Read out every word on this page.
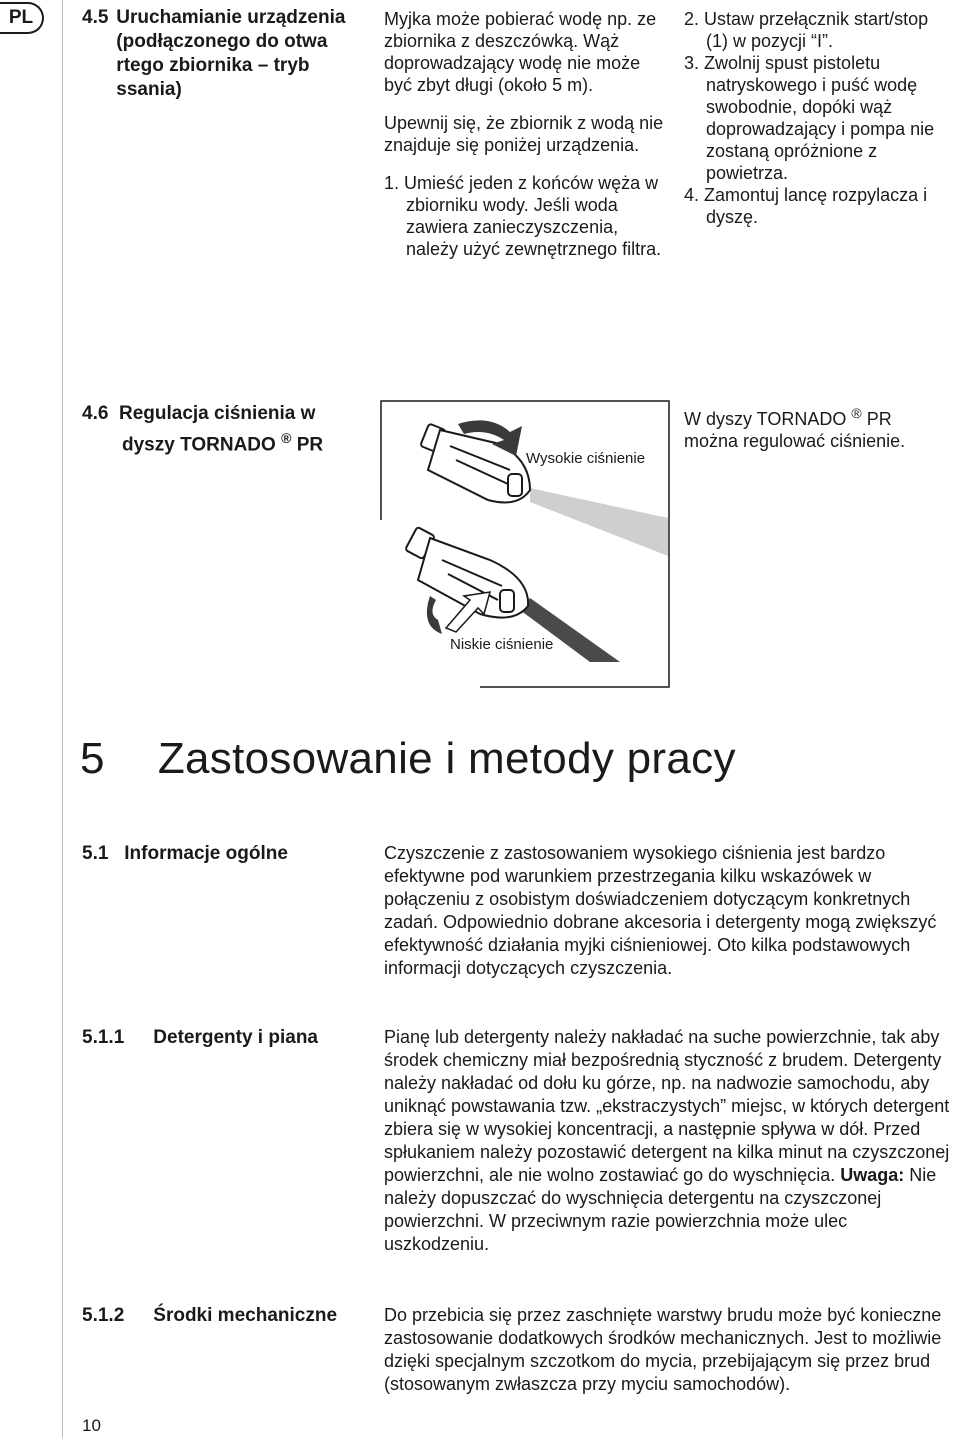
PL	4.5 Uruchamianie urządzenia (podłączonego do otwa rtego zbiornika – tryb ssania)

Myjka może pobierać wodę np. ze zbiornika z deszczówką. Wąż doprowadzający wodę nie może być zbyt długi (około 5 m).

Upewnij się, że zbiornik z wodą nie znajduje się poniżej urządzenia.

1. Umieść jeden z końców węża w zbiorniku wody. Jeśli woda zawiera zanieczyszczenia, należy użyć zewnętrznego filtra.

2. Ustaw przełącznik start/stop (1) w pozycji “I”.

3. Zwolnij spust pistoletu natryskowego i puść wodę swobodnie, dopóki wąż doprowadzający i pompa nie zostaną opróżnione z powietrza.

4. Zamontuj lancę rozpylacza i dyszę.

4.6 Regulacja ciśnienia w
dyszy TORNADO ® PR
Wysokie ciśnienie
Niskie ciśnienie
W dyszy TORNADO ® PR
można regulować ciśnienie.
5 Zastosowanie i metody pracy
5.1 Informacje ogólne	Czyszczenie z zastosowaniem wysokiego ciśnienia jest bardzo efektywne pod warunkiem przestrzegania kilku wskazówek w połączeniu z osobistym doświadczeniem dotyczącym konkretnych zadań. Odpowiednio dobrane akcesoria i detergenty mogą zwiększyć efektywność działania myjki ciśnieniowej. Oto kilka podstawowych informacji dotyczących czyszczenia.
5.1.1 Detergenty i piana	Pianę lub detergenty należy nakładać na suche powierzchnie, tak aby środek chemiczny miał bezpośrednią styczność z brudem. Detergenty należy nakładać od dołu ku górze, np. na nadwozie samochodu, aby uniknąć powstawania tzw. „ekstraczystych” miejsc, w których detergent zbiera się w wysokiej koncentracji, a następnie spływa w dół. Przed spłukaniem należy pozostawić detergent na kilka minut na czyszczonej powierzchni, ale nie wolno zostawiać go do wyschnięcia. Uwaga: Nie należy dopuszczać do wyschnięcia detergentu na czyszczonej powierzchni. W przeciwnym razie powierzchnia może ulec uszkodzeniu.
5.1.2 Środki mechaniczne	Do przebicia się przez zaschnięte warstwy brudu może być konieczne zastosowanie dodatkowych środków mechanicznych. Jest to możliwie dzięki specjalnym szczotkom do mycia, przebijającym się przez brud (stosowanym zwłaszcza przy myciu samochodów).
10
